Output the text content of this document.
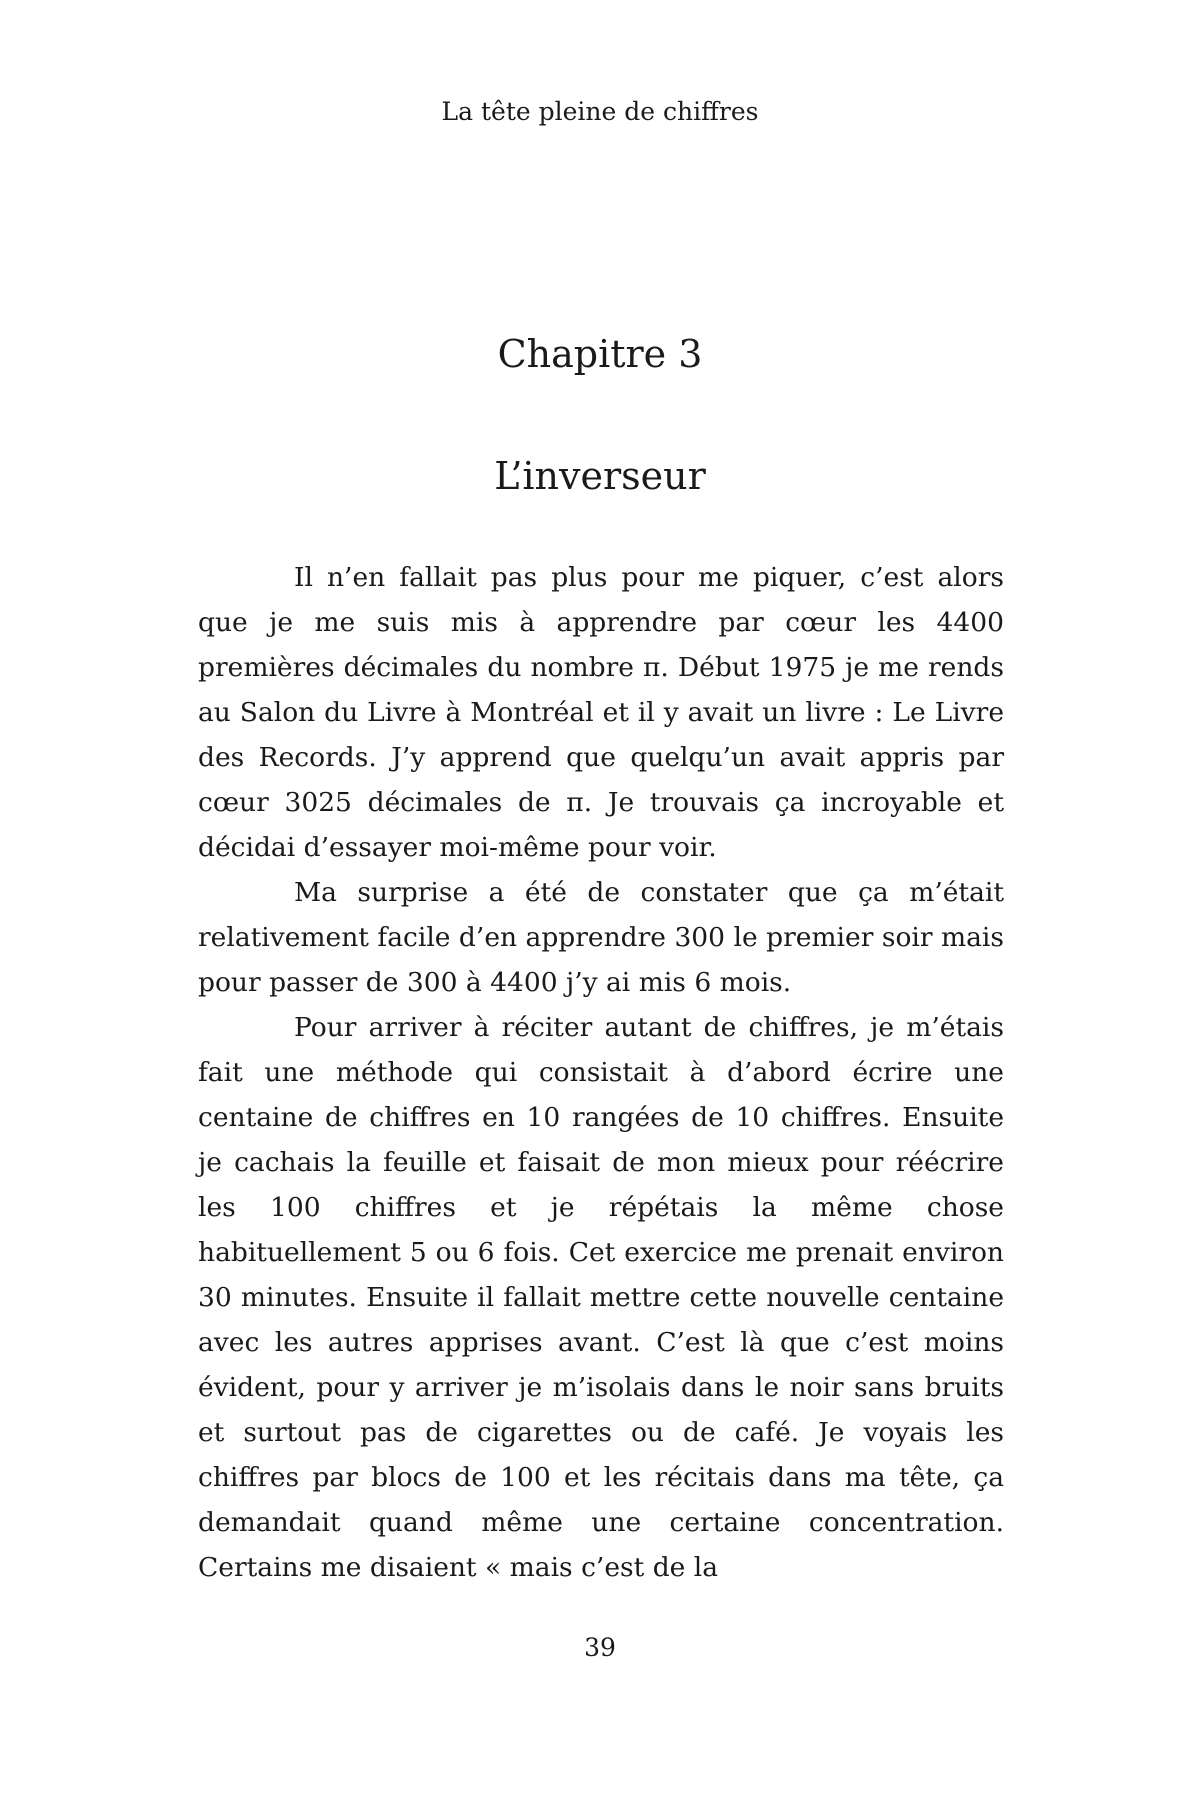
La tête pleine de chiffres
Chapitre 3
L’inverseur

Il n’en fallait pas plus pour me piquer, c’est alors que je me suis mis à apprendre par cœur les 4400 premières décimales du nombre π. Début 1975 je me rends au Salon du Livre à Montréal et il y avait un livre : Le Livre des Records. J’y apprend que quelqu’un avait appris par cœur 3025 décimales de π. Je trouvais ça incroyable et décidai d’essayer moi-même pour voir.

Ma surprise a été de constater que ça m’était relativement facile d’en apprendre 300 le premier soir mais pour passer de 300 à 4400 j’y ai mis 6 mois.

Pour arriver à réciter autant de chiffres, je m’étais fait une méthode qui consistait à d’abord écrire une centaine de chiffres en 10 rangées de 10 chiffres. Ensuite je cachais la feuille et faisait de mon mieux pour réécrire les 100 chiffres et je répétais la même chose habituellement 5 ou 6 fois. Cet exercice me prenait environ 30 minutes. Ensuite il fallait mettre cette nouvelle centaine avec les autres apprises avant. C’est là que c’est moins évident, pour y arriver je m’isolais dans le noir sans bruits et surtout pas de cigarettes ou de café. Je voyais les chiffres par blocs de 100 et les récitais dans ma tête, ça demandait quand même une certaine concentration. Certains me disaient « mais c’est de la

39
